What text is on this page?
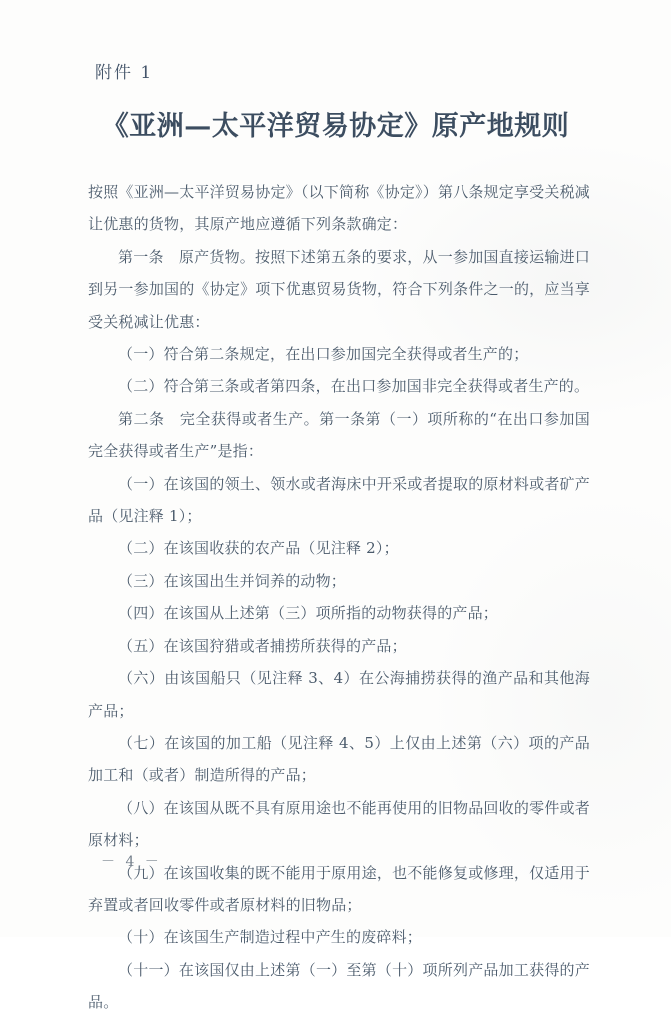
附件 1
《亚洲—太平洋贸易协定》原产地规则

按照《亚洲—太平洋贸易协定》（以下简称《协定》）第八条规定享受关税减让优惠的货物，其原产地应遵循下列条款确定：

第一条　原产货物。按照下述第五条的要求，从一参加国直接运输进口到另一参加国的《协定》项下优惠贸易货物，符合下列条件之一的，应当享受关税减让优惠：

（一）符合第二条规定，在出口参加国完全获得或者生产的；

（二）符合第三条或者第四条，在出口参加国非完全获得或者生产的。

第二条　完全获得或者生产。第一条第（一）项所称的“在出口参加国完全获得或者生产”是指：

（一）在该国的领土、领水或者海床中开采或者提取的原材料或者矿产品（见注释 1）；

（二）在该国收获的农产品（见注释 2）；

（三）在该国出生并饲养的动物；

（四）在该国从上述第（三）项所指的动物获得的产品；

（五）在该国狩猎或者捕捞所获得的产品；

（六）由该国船只（见注释 3、4）在公海捕捞获得的渔产品和其他海产品；

（七）在该国的加工船（见注释 4、5）上仅由上述第（六）项的产品加工和（或者）制造所得的产品；

（八）在该国从既不具有原用途也不能再使用的旧物品回收的零件或者原材料；

（九）在该国收集的既不能用于原用途，也不能修复或修理，仅适用于弃置或者回收零件或者原材料的旧物品；

（十）在该国生产制造过程中产生的废碎料；

（十一）在该国仅由上述第（一）至第（十）项所列产品加工获得的产品。

－ 4 －
